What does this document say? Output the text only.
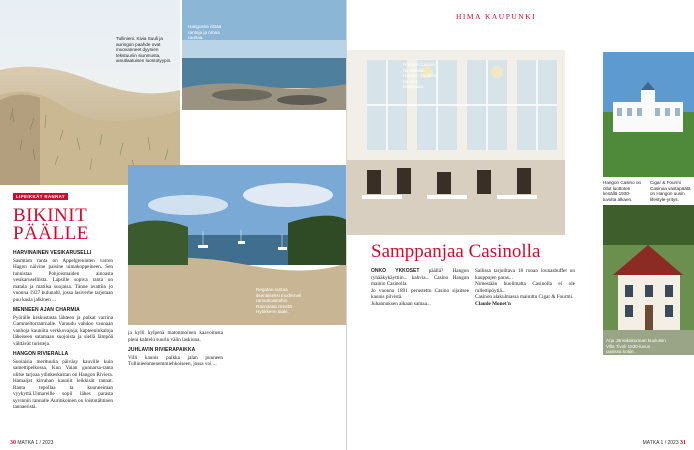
Tullinieni. Kivia Suuli ja auringon paahde ovat muovanneet dyynien tekstuuriin siunmusta, ainutlaatuisen luontotyypin.
Hangossa riittää rantoja ja omaa rauhaa.
LIPEIKKÄT RANNAT
BIKINIT
PÄÄLLE
Regatan rantaa itsenäiseksi moderneil rannahoistoihin. Rannassa nimetä Hyökkeen taaki.
HARVINAINEN VESIKARUSELLI

Sasmtam ranta on Appelgreninten varren Hagon näivine paisine uimakoppeineen. Sen tunnistaa Pohjoismaiden ainoasta vesikaruselliista. Lapsille sopiva ranta on matala ja matilsa suojaisa. Tänne avattiin jo vuonna 1927 bulunahl, jossa lasiverhe tarjotaan puu kasia jalkinen ...

MENNEEN AJAN CHARMIA

Pyörälle keskustasta lähteen ja paikat varrina Gammeltorranrnalle. Varaudu vahdoo vaunaan vanhoja kauniita verkkovajoja, kapteeninkaloja läheiseen satamaan suojoista ja siellä lämpöä välttävät turisteja.

HANGON RIVIERALLA

Suolaisia merituulia päiväsy kauville kuin samettipelkossa, Kun Vaian gunnarsa-ranta ulitse tarjoaa ydinkeskustan on Hangon Riviera. Hamaljat kirrahan kauniit leikkisät rannat. Ranta tepollaa ta kuunneiman vyykyttä.Uimareille sopii lähes parasta syvinnin rannalle Aurinkoinen on loistotähtinen tannaeristä.

ja kylli kylpenä matonmoinen kaavoitusta pieni kahtelu suurin välin laskiuna.

JUHLAVIN RIVIERAPAIKKA

Villi kaunis paikka jalan puuneen Tullinieenmenemmiehkoiseen, jossa voi ...

30 MATKA 1 / 2023
HIMA KAUPUNKI
Hangon Casino on vallalla Hangon kuuluisa hauska kauppaan.
Hangon Casino on ollut luottoten kesällä 1930-luvulta alkaen.
Cigar & Fourmi Casinoa vastapäätä on Hangon uusin lifestyle-yritys.
Arja Järvakakunnan kuuluisin Villa Tivoli 1930-luvun uusissa kotiin.
Samppanjaa Casinolla

ONKO YKKÖSET päällä? Hangon ryhääkykäyttiin... kahvia... Casino Hangon mainio Casinolla.

Jo vuonna 1891 perustettu Casino sijaitsee kaunis pilvistä.

Juhannuksen aikaan samaa...

Sallissa tarjoiltava 18 ruoan lounasbuffet on kauppojen paras...

Nimestään huolimatta Casinolla ei ole rullettipöytiä...

Casinon alakulmassa mainittu Cigar & Fourmi.

Claude Monet'n

MATKA 1 / 2023 31
